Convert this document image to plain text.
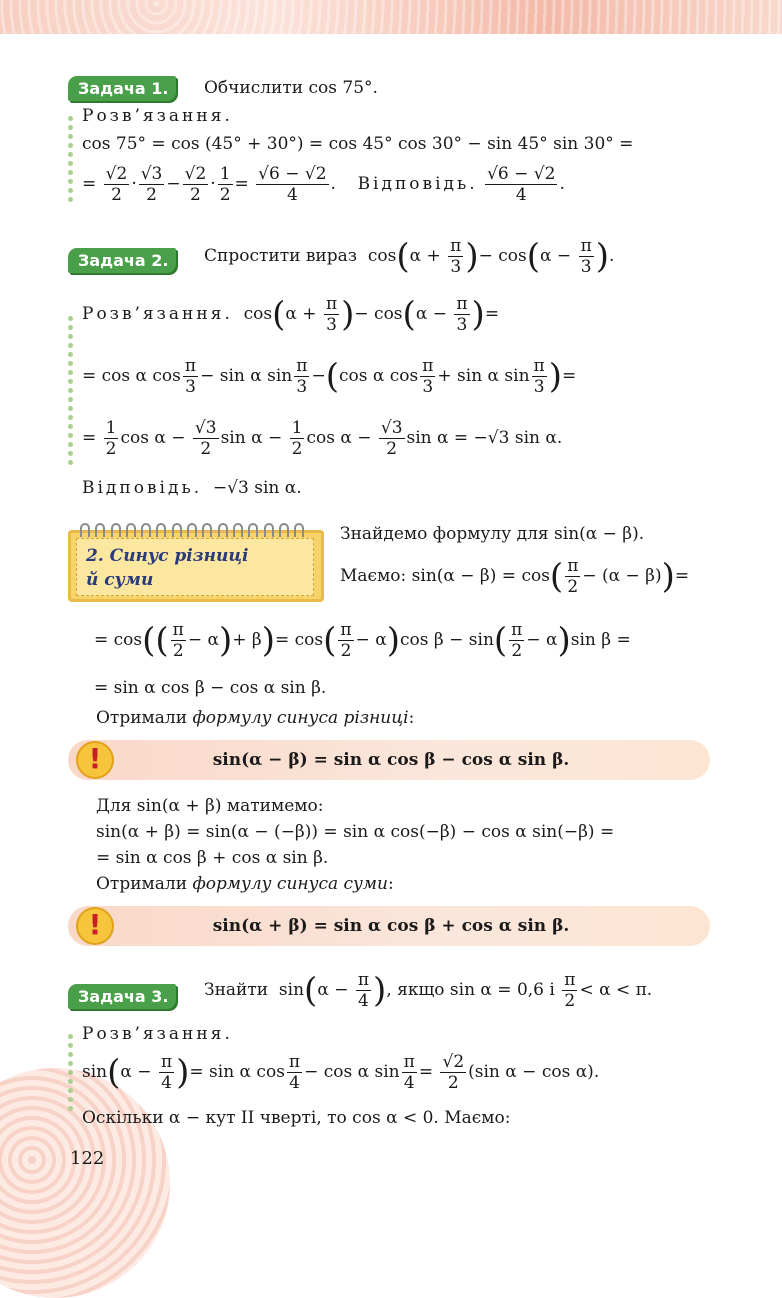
Задача 1.	Обчислити cos 75°.
Розв’язання.
cos 75° = cos (45° + 30°) = cos 45° cos 30° − sin 45° sin 30° =
= $\frac{√2}{2} \cdot \frac{√3}{2} - \frac{√2}{2} \cdot \frac{1}{2} = \frac{√6 - √2}{4}$ .    Відповідь. $\frac{√6 - √2}{4}$ .
Задача 2.	Спростити вираз  $\cos(\alpha + \frac{\pi}{3}$ )− $\cos(\alpha - \frac{\pi}{3}$ ).
Розв’язання.  $\cos(\alpha + \frac{\pi}{3}$ )− $\cos(\alpha - \frac{\pi}{3}$ )=
= cos α $\cos \frac{\pi}{3} - \sin \alpha$ $\sin \frac{\pi}{3} -(\cos$ α $\cos \frac{\pi}{3} + \sin \alpha$ $\sin \frac{\pi}{3}$ )=
= $\frac{1}{2}$ $\cos \alpha - \frac{√3}{2}$ $\sin \alpha - \frac{1}{2}$ $\cos \alpha - \frac{√3}{2}$ sin α = −√3 sin α.
Відповідь. −√3 sin α.
2. Синус різниці
й суми
Знайдемо формулу для sin(α − β).
Маємо: $\sin(\alpha - \beta) = \cos( \frac{\pi}{2} - (\alpha - \beta))=$
= $\cos(( \frac{\pi}{2} - \alpha)+ \beta)= \cos( \frac{\pi}{2} - \alpha)\cos$ $\beta - \sin( \frac{\pi}{2} - \alpha)\sin$ β =
= sin α cos β − cos α sin β.
Отримали формулу синуса різниці:
!	sin(α − β) = sin α cos β − cos α sin β.
Для sin(α + β) матимемо:
sin(α + β) = sin(α − (−β)) = sin α cos(−β) − cos α sin(−β) =
= sin α cos β + cos α sin β.
Отримали формулу синуса суми:
!	sin(α + β) = sin α cos β + cos α sin β.
Задача 3.	Знайти  $\sin(\alpha - \frac{\pi}{4}$ ), якщо sin α = 0,6 і $\frac{\pi}{2} < \alpha < \pi$.
Розв’язання.
$\sin(\alpha - \frac{\pi}{4}$ )= sin α $\cos \frac{\pi}{4} - \cos \alpha$ $\sin \frac{\pi}{4} = \frac{√2}{2} (\sin$ α − cos α).
Оскільки α − кут II чверті, то cos α < 0. Маємо:
122
